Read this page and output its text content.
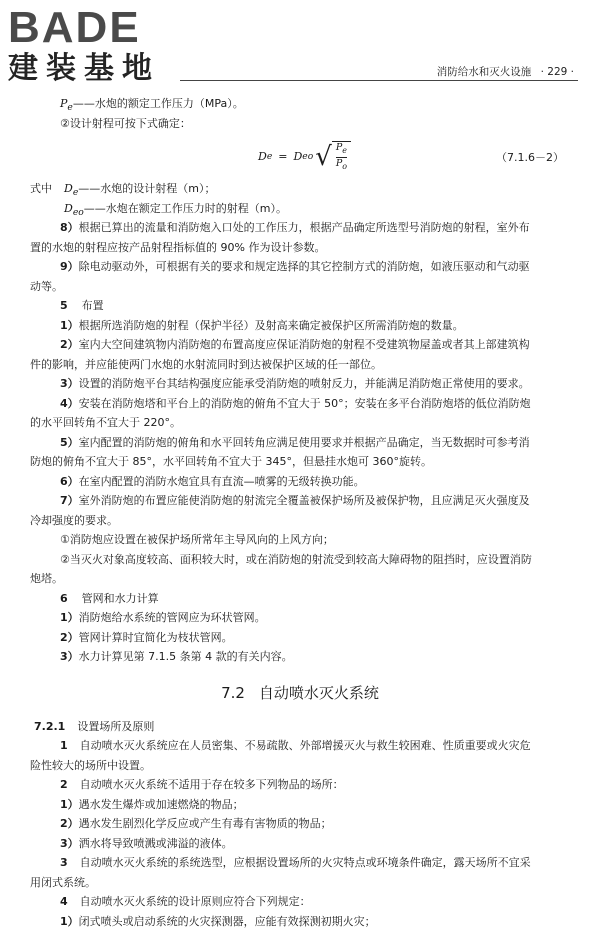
BADE
建装基地	消防给水和灭火设施 · 229 ·
$P_e——$水炮的额定工作压力（MPa）。
②设计射程可按下式确定：
D e = D eo √ $\frac{P_e}{P_o}$	（7.1.6－2）
式中 $D_e——$水炮的设计射程（m）；
$D_{eo}——$水炮在额定工作压力时的射程（m）。
8）根据已算出的流量和消防炮入口处的工作压力，根据产品确定所选型号消防炮的射程，室外布
置的水炮的射程应按产品射程指标值的 90% 作为设计参数。
9）除电动驱动外，可根据有关的要求和规定选择的其它控制方式的消防炮，如液压驱动和气动驱
动等。
5 布置
1）根据所选消防炮的射程（保护半径）及射高来确定被保护区所需消防炮的数量。
2）室内大空间建筑物内消防炮的布置高度应保证消防炮的射程不受建筑物屋盖或者其上部建筑构
件的影响，并应能使两门水炮的水射流同时到达被保护区域的任一部位。
3）设置的消防炮平台其结构强度应能承受消防炮的喷射反力，并能满足消防炮正常使用的要求。
4）安装在消防炮塔和平台上的消防炮的俯角不宜大于 50°；安装在多平台消防炮塔的低位消防炮
的水平回转角不宜大于 220°。
5）室内配置的消防炮的俯角和水平回转角应满足使用要求并根据产品确定，当无数据时可参考消
防炮的俯角不宜大于 85°，水平回转角不宜大于 345°，但悬挂水炮可 360°旋转。
6）在室内配置的消防水炮宜具有直流—喷雾的无级转换功能。
7）室外消防炮的布置应能使消防炮的射流完全覆盖被保护场所及被保护物，且应满足灭火强度及
冷却强度的要求。
①消防炮应设置在被保护场所常年主导风向的上风方向；
②当灭火对象高度较高、面积较大时，或在消防炮的射流受到较高大障碍物的阻挡时，应设置消防
炮塔。
6 管网和水力计算
1）消防炮给水系统的管网应为环状管网。
2）管网计算时宜简化为枝状管网。
3）水力计算见第 7.1.5 条第 4 款的有关内容。
7.2 自动喷水灭火系统
7.2.1 设置场所及原则
1 自动喷水灭火系统应在人员密集、不易疏散、外部增援灭火与救生较困难、性质重要或火灾危
险性较大的场所中设置。
2 自动喷水灭火系统不适用于存在较多下列物品的场所：
1）遇水发生爆炸或加速燃烧的物品；
2）遇水发生剧烈化学反应或产生有毒有害物质的物品；
3）洒水将导致喷溅或沸溢的液体。
3 自动喷水灭火系统的系统选型，应根据设置场所的火灾特点或环境条件确定，露天场所不宜采
用闭式系统。
4 自动喷水灭火系统的设计原则应符合下列规定：
1）闭式喷头或启动系统的火灾探测器，应能有效探测初期火灾；
